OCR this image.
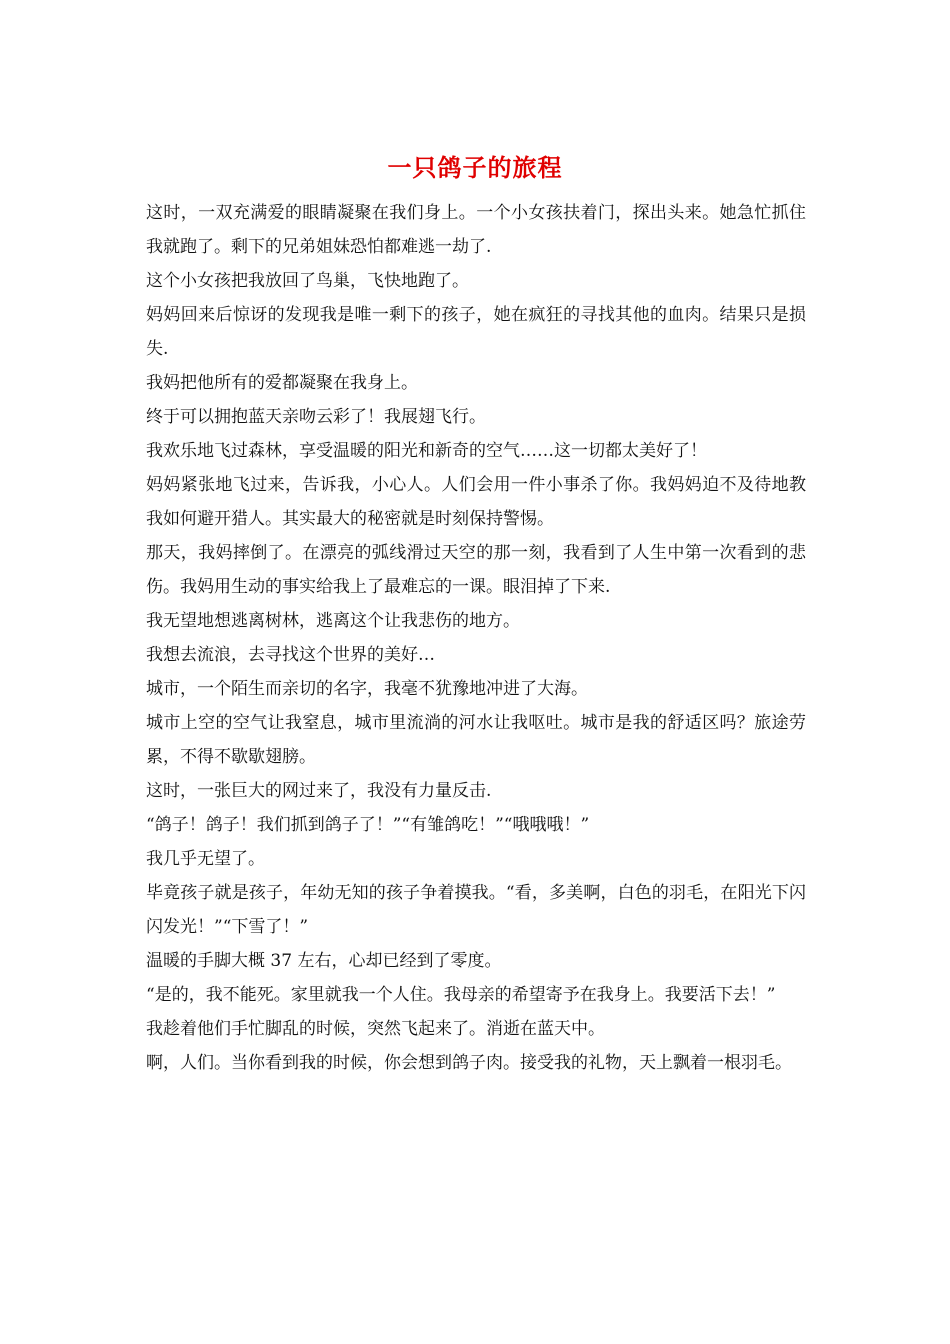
一只鸽子的旅程

这时，一双充满爱的眼睛凝聚在我们身上。一个小女孩扶着门，探出头来。她急忙抓住我就跑了。剩下的兄弟姐妹恐怕都难逃一劫了.

这个小女孩把我放回了鸟巢，飞快地跑了。

妈妈回来后惊讶的发现我是唯一剩下的孩子，她在疯狂的寻找其他的血肉。结果只是损失.

我妈把他所有的爱都凝聚在我身上。

终于可以拥抱蓝天亲吻云彩了！我展翅飞行。

我欢乐地飞过森林，享受温暖的阳光和新奇的空气……这一切都太美好了！

妈妈紧张地飞过来，告诉我，小心人。人们会用一件小事杀了你。我妈妈迫不及待地教我如何避开猎人。其实最大的秘密就是时刻保持警惕。

那天，我妈摔倒了。在漂亮的弧线滑过天空的那一刻，我看到了人生中第一次看到的悲伤。我妈用生动的事实给我上了最难忘的一课。眼泪掉了下来.

我无望地想逃离树林，逃离这个让我悲伤的地方。

我想去流浪，去寻找这个世界的美好…

城市，一个陌生而亲切的名字，我毫不犹豫地冲进了大海。

城市上空的空气让我窒息，城市里流淌的河水让我呕吐。城市是我的舒适区吗？旅途劳累，不得不歇歇翅膀。

这时，一张巨大的网过来了，我没有力量反击.

“鸽子！鸽子！我们抓到鸽子了！”“有雏鸽吃！”“哦哦哦！”

我几乎无望了。

毕竟孩子就是孩子，年幼无知的孩子争着摸我。“看，多美啊，白色的羽毛，在阳光下闪闪发光！”“下雪了！”

温暖的手脚大概 37 左右，心却已经到了零度。

“是的，我不能死。家里就我一个人住。我母亲的希望寄予在我身上。我要活下去！”

我趁着他们手忙脚乱的时候，突然飞起来了。消逝在蓝天中。

啊，人们。当你看到我的时候，你会想到鸽子肉。接受我的礼物，天上飘着一根羽毛。
